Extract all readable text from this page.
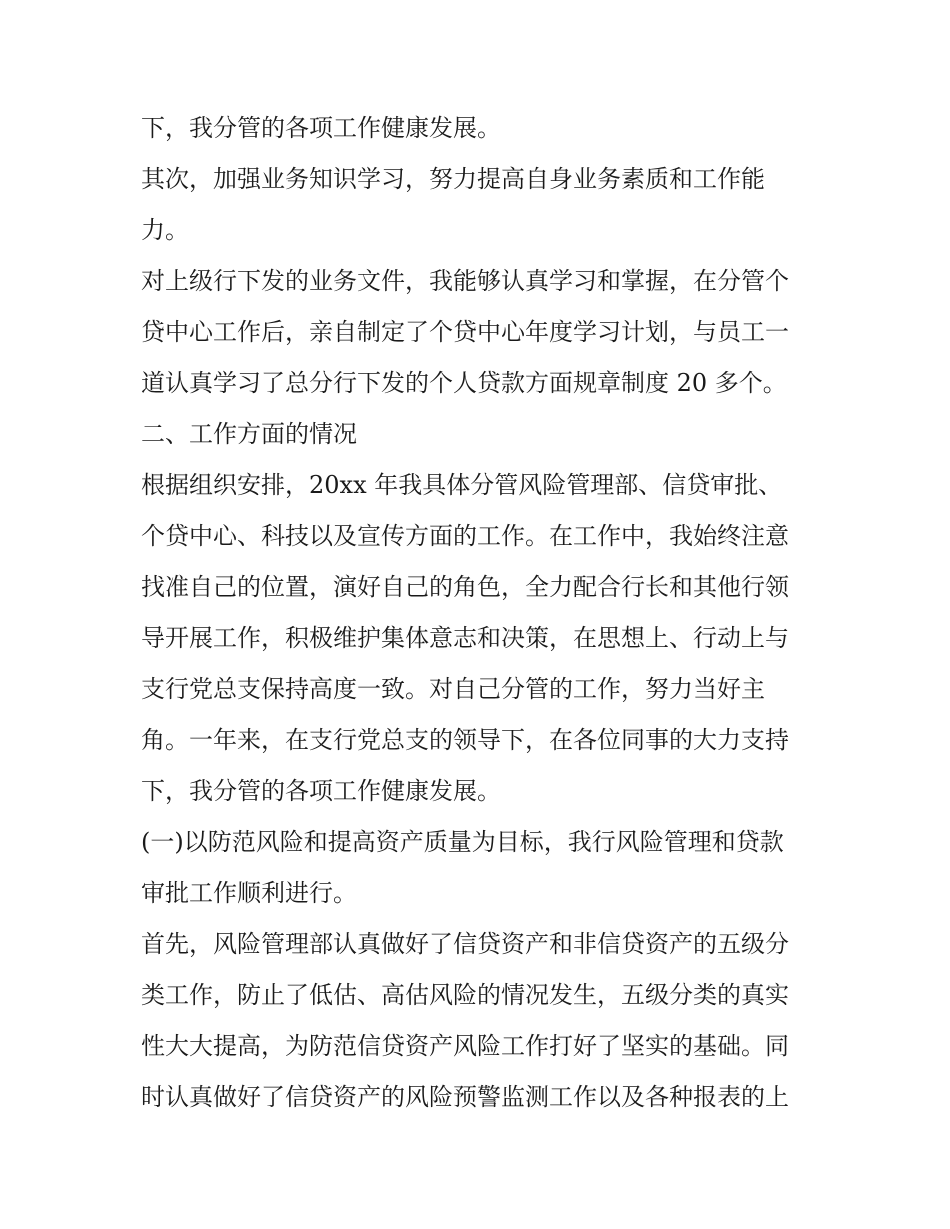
下，我分管的各项工作健康发展。
其次，加强业务知识学习，努力提高自身业务素质和工作能
力。
对上级行下发的业务文件，我能够认真学习和掌握，在分管个
贷中心工作后，亲自制定了个贷中心年度学习计划，与员工一
道认真学习了总分行下发的个人贷款方面规章制度 20 多个。
二、工作方面的情况
根据组织安排，20xx 年我具体分管风险管理部、信贷审批、
个贷中心、科技以及宣传方面的工作。在工作中，我始终注意
找准自己的位置，演好自己的角色，全力配合行长和其他行领
导开展工作，积极维护集体意志和决策，在思想上、行动上与
支行党总支保持高度一致。对自己分管的工作，努力当好主
角。一年来，在支行党总支的领导下，在各位同事的大力支持
下，我分管的各项工作健康发展。
(一)以防范风险和提高资产质量为目标，我行风险管理和贷款
审批工作顺利进行。
首先，风险管理部认真做好了信贷资产和非信贷资产的五级分
类工作，防止了低估、高估风险的情况发生，五级分类的真实
性大大提高，为防范信贷资产风险工作打好了坚实的基础。同
时认真做好了信贷资产的风险预警监测工作以及各种报表的上
